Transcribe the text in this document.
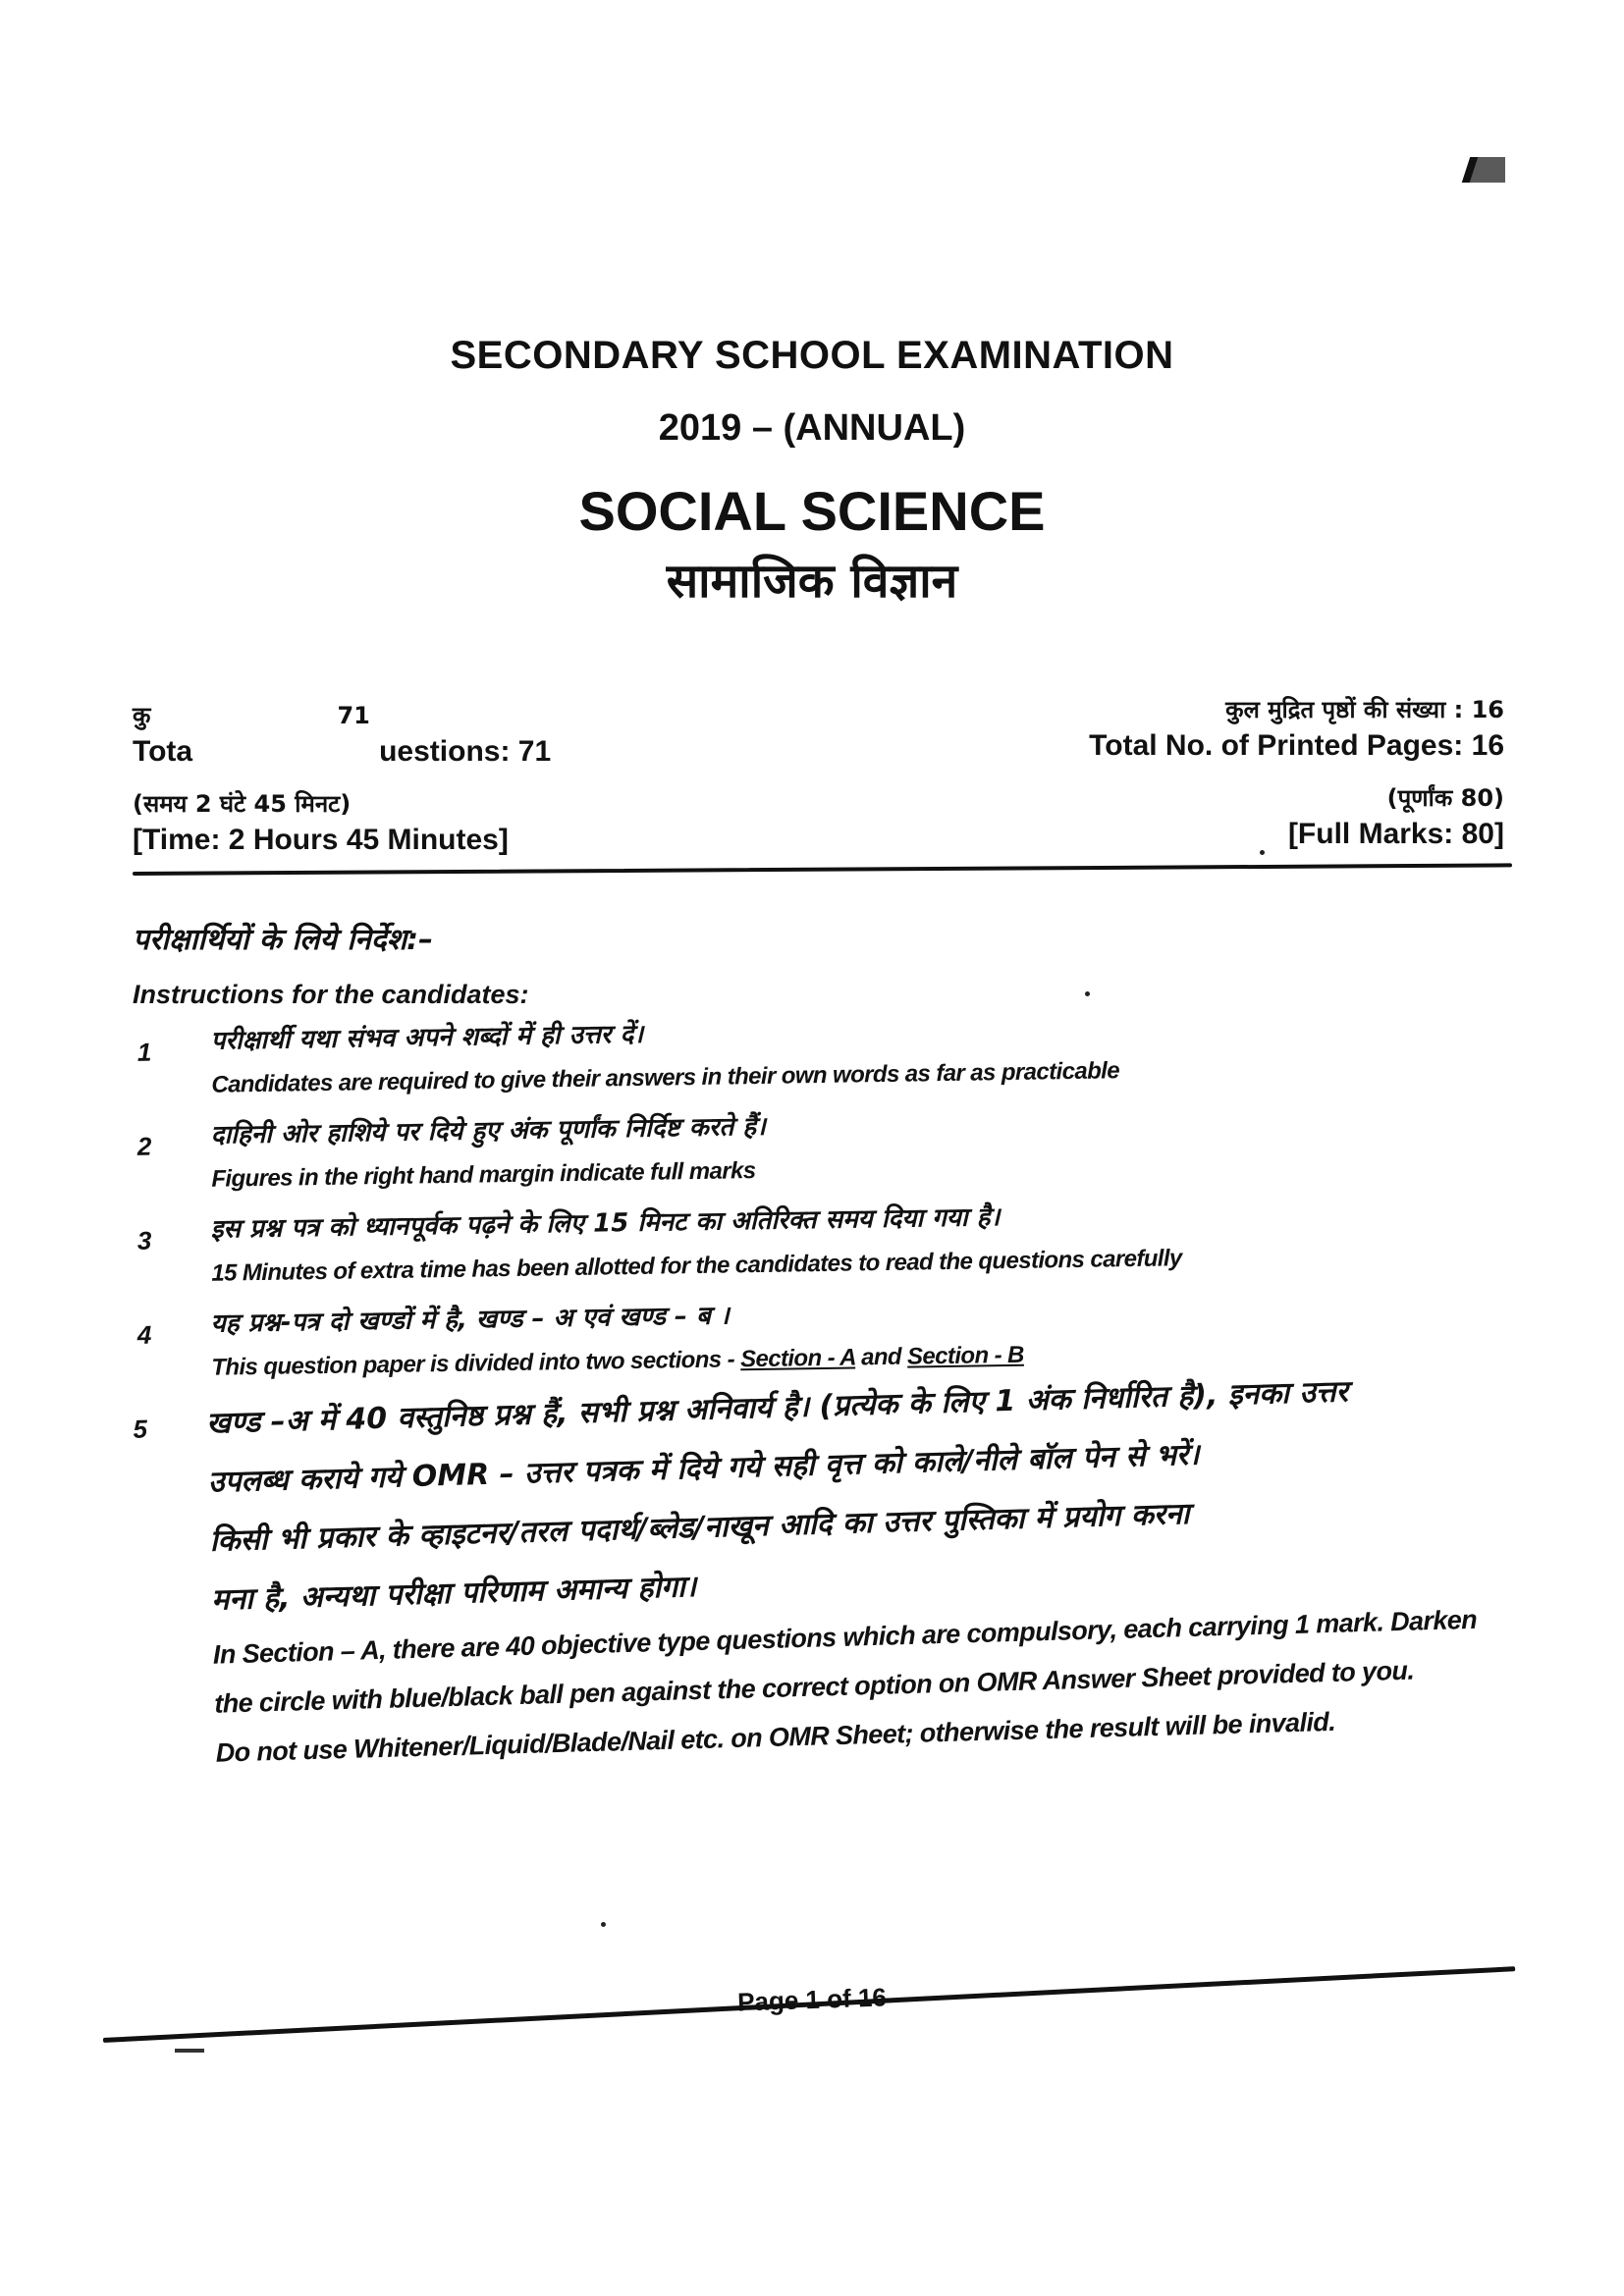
SECONDARY SCHOOL EXAMINATION
2019 – (ANNUAL)
SOCIAL SCIENCE
सामाजिक विज्ञान
कु	71
Tota	uestions: 71
(समय 2 घंटे 45 मिनट)
[Time: 2 Hours 45 Minutes]
कुल मुद्रित पृष्ठों की संख्या : 16
Total No. of Printed Pages: 16
(पूर्णांक 80)
[Full Marks: 80]
परीक्षार्थियों के लिये निर्देश:–
Instructions for the candidates:
1 परीक्षार्थी यथा संभव अपने शब्दों में ही उत्तर दें।
Candidates are required to give their answers in their own words as far as practicable
2 दाहिनी ओर हाशिये पर दिये हुए अंक पूर्णांक निर्दिष्ट करते हैं।
Figures in the right hand margin indicate full marks
3 इस प्रश्न पत्र को ध्यानपूर्वक पढ़ने के लिए 15 मिनट का अतिरिक्त समय दिया गया है।
15 Minutes of extra time has been allotted for the candidates to read the questions carefully
4 यह प्रश्न-पत्र दो खण्डों में है, खण्ड – अ एवं खण्ड – ब ।
This question paper is divided into two sections - Section - A and Section - B
5 खण्ड –अ में 40 वस्तुनिष्ठ प्रश्न हैं, सभी प्रश्न अनिवार्य है। (प्रत्येक के लिए 1 अंक निर्धारित है), इनका उत्तर
उपलब्ध कराये गये OMR – उत्तर पत्रक में दिये गये सही वृत्त को काले/नीले बॉल पेन से भरें।
किसी भी प्रकार के व्हाइटनर/तरल पदार्थ/ब्लेड/नाखून आदि का उत्तर पुस्तिका में प्रयोग करना
मना है, अन्यथा परीक्षा परिणाम अमान्य होगा।
In Section – A, there are 40 objective type questions which are compulsory, each carrying 1 mark. Darken
the circle with blue/black ball pen against the correct option on OMR Answer Sheet provided to you.
Do not use Whitener/Liquid/Blade/Nail etc. on OMR Sheet; otherwise the result will be invalid.
Page 1 of 16
